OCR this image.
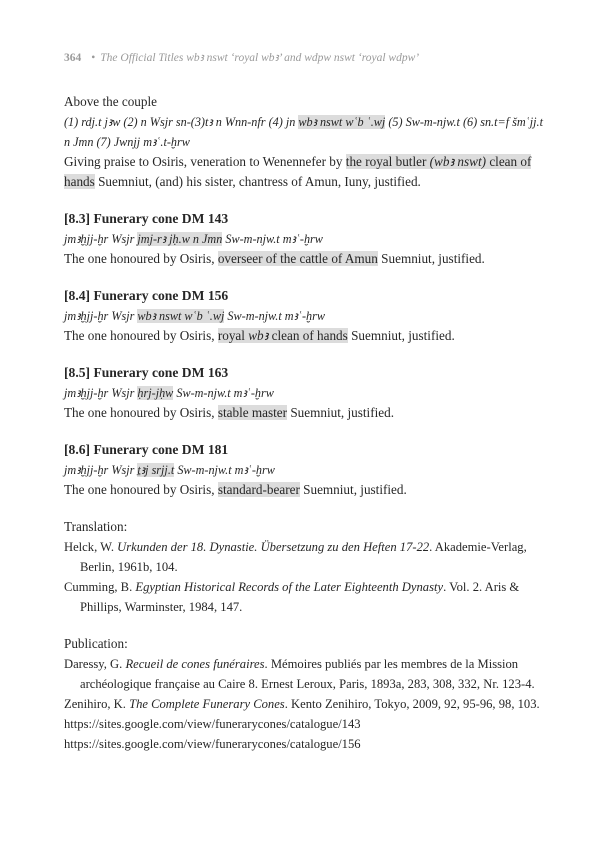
364 • The Official Titles wbꜣ nswt ‘royal wbꜣ’ and wdpw nswt ‘royal wdpw’

Above the couple

(1) rdj.t jꜣw (2) n Wsjr sn-(3)tꜣ n Wnn-nfr (4) jn wbꜣ nswt wʿb ʿ.wj (5) Sw-m-njw.t (6) sn.t=f šmʿjj.t n Jmn (7) Jwnjj mꜣʿ.t-ḫrw

Giving praise to Osiris, veneration to Wenennefer by the royal butler (wbꜣ nswt) clean of hands Suemniut, (and) his sister, chantress of Amun, Iuny, justified.

[8.3] Funerary cone DM 143

jmꜣḫjj-ḫr Wsjr jmj-rꜣ jḥ.w n Jmn Sw-m-njw.t mꜣʿ-ḫrw

The one honoured by Osiris, overseer of the cattle of Amun Suemniut, justified.

[8.4] Funerary cone DM 156

jmꜣḫjj-ḫr Wsjr wbꜣ nswt wʿb ʿ.wj Sw-m-njw.t mꜣʿ-ḫrw

The one honoured by Osiris, royal wbꜣ clean of hands Suemniut, justified.

[8.5] Funerary cone DM 163

jmꜣḫjj-ḫr Wsjr ḥrj-jḥw Sw-m-njw.t mꜣʿ-ḫrw

The one honoured by Osiris, stable master Suemniut, justified.

[8.6] Funerary cone DM 181

jmꜣḫjj-ḫr Wsjr ṯꜣj srjj.t Sw-m-njw.t mꜣʿ-ḫrw

The one honoured by Osiris, standard-bearer Suemniut, justified.

Translation:

Helck, W. Urkunden der 18. Dynastie. Übersetzung zu den Heften 17-22. Akademie-Verlag, Berlin, 1961b, 104.

Cumming, B. Egyptian Historical Records of the Later Eighteenth Dynasty. Vol. 2. Aris & Phillips, Warminster, 1984, 147.

Publication:

Daressy, G. Recueil de cones funéraires. Mémoires publiés par les membres de la Mission archéologique française au Caire 8. Ernest Leroux, Paris, 1893a, 283, 308, 332, Nr. 123-4.

Zenihiro, K. The Complete Funerary Cones. Kento Zenihiro, Tokyo, 2009, 92, 95-96, 98, 103.

https://sites.google.com/view/funerarycones/catalogue/143

https://sites.google.com/view/funerarycones/catalogue/156
